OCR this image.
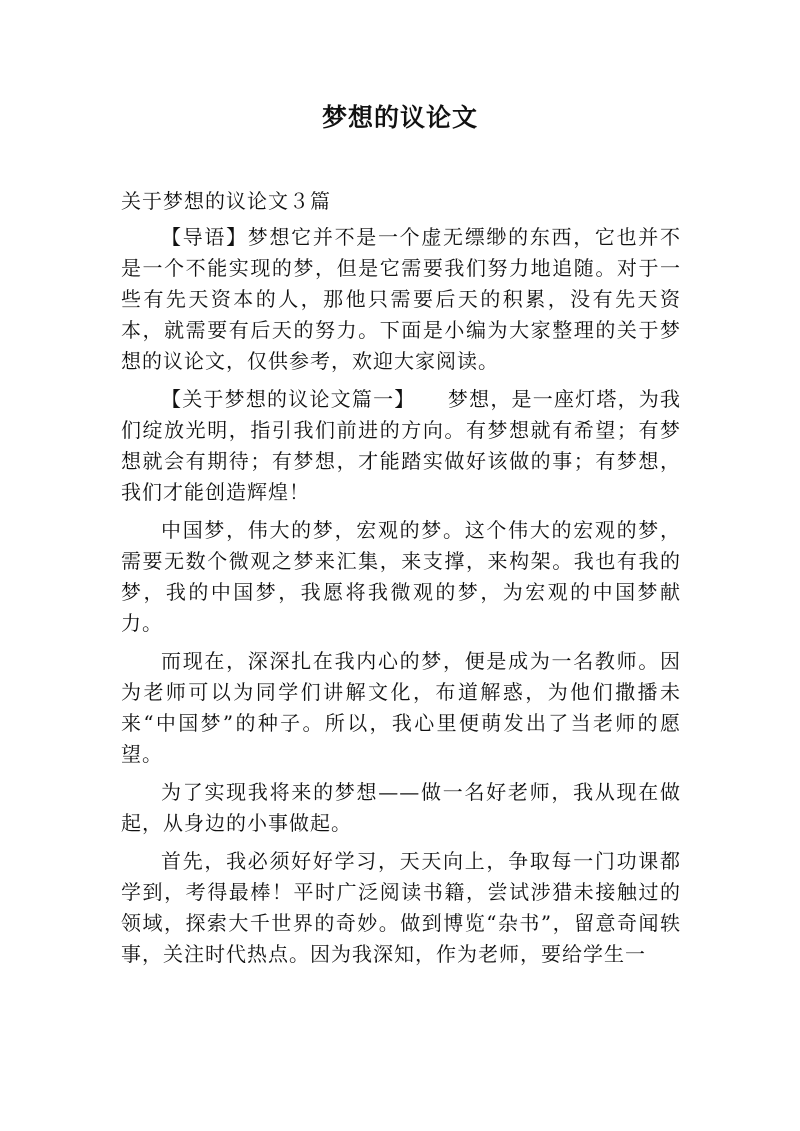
梦想的议论文

关于梦想的议论文３篇

【导语】梦想它并不是一个虚无缥缈的东西，它也并不是一个不能实现的梦，但是它需要我们努力地追随。对于一些有先天资本的人，那他只需要后天的积累，没有先天资本，就需要有后天的努力。下面是小编为大家整理的关于梦想的议论文，仅供参考，欢迎大家阅读。

【关于梦想的议论文篇一】　　梦想，是一座灯塔，为我们绽放光明，指引我们前进的方向。有梦想就有希望；有梦想就会有期待；有梦想，才能踏实做好该做的事；有梦想，我们才能创造辉煌！

中国梦，伟大的梦，宏观的梦。这个伟大的宏观的梦，需要无数个微观之梦来汇集，来支撑，来构架。我也有我的梦，我的中国梦，我愿将我微观的梦，为宏观的中国梦献力。

而现在，深深扎在我内心的梦，便是成为一名教师。因为老师可以为同学们讲解文化，布道解惑，为他们撒播未来“中国梦”的种子。所以，我心里便萌发出了当老师的愿望。

为了实现我将来的梦想——做一名好老师，我从现在做起，从身边的小事做起。

首先，我必须好好学习，天天向上，争取每一门功课都学到，考得最棒！平时广泛阅读书籍，尝试涉猎未接触过的领域，探索大千世界的奇妙。做到博览“杂书”，留意奇闻轶事，关注时代热点。因为我深知，作为老师，要给学生一
